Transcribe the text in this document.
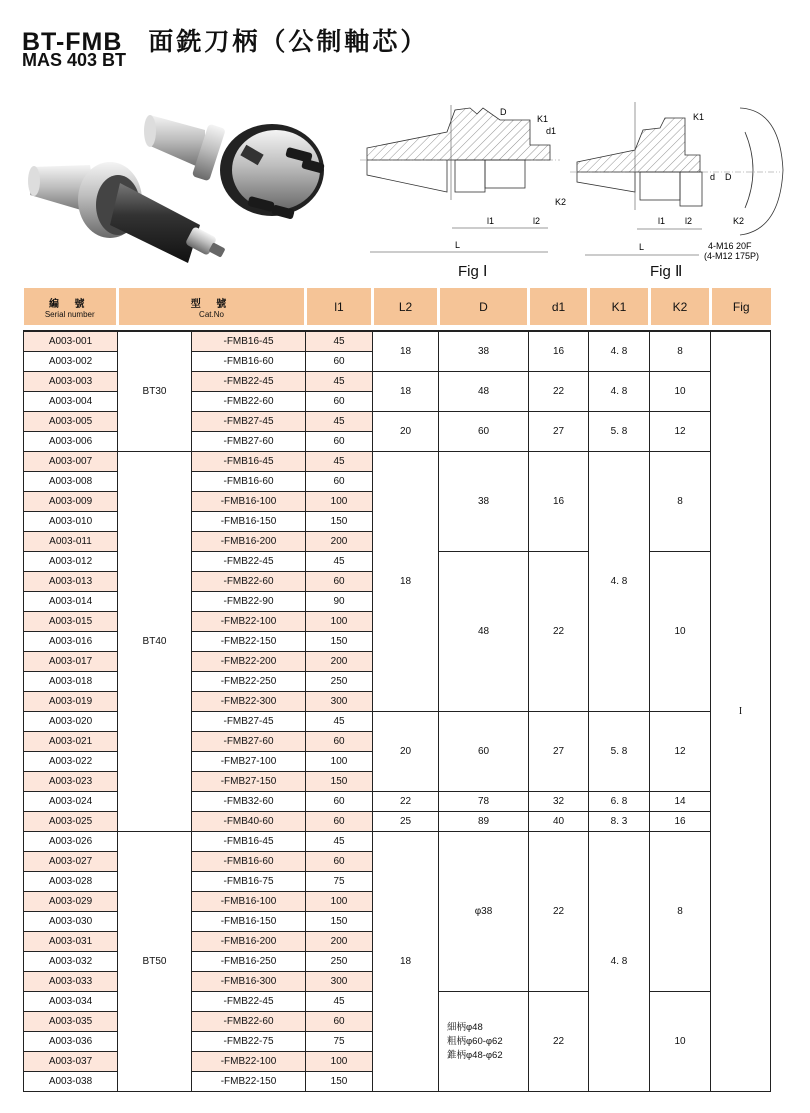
BT-FMB 面銑刀柄（公制軸芯）
MAS 403 BT
D
K1
d1
K2
l1	l2
L
Fig Ⅰ
K1
d D
l1 l2	K2
L	4-M16 20F
(4-M12 175P)
Fig Ⅱ
編 號
Serial number	型 號
Cat.No		l1	L2	D	d1	K1	K2	Fig

A003-001	BT30	-FMB16-45	45	18	38	16	4. 8	8	I
A003-002		-FMB16-60	60						
A003-003		-FMB22-45	45	18	48	22	4. 8	10	
A003-004		-FMB22-60	60						
A003-005		-FMB27-45	45	20	60	27	5. 8	12	
A003-006		-FMB27-60	60						
A003-007	BT40	-FMB16-45	45	18	38	16	4. 8	8	
A003-008		-FMB16-60	60						
A003-009		-FMB16-100	100						
A003-010		-FMB16-150	150						
A003-011		-FMB16-200	200						
A003-012		-FMB22-45	45		48	22		10	
A003-013		-FMB22-60	60						
A003-014		-FMB22-90	90						
A003-015		-FMB22-100	100						
A003-016		-FMB22-150	150						
A003-017		-FMB22-200	200						
A003-018		-FMB22-250	250						
A003-019		-FMB22-300	300						
A003-020		-FMB27-45	45	20	60	27	5. 8	12	
A003-021		-FMB27-60	60						
A003-022		-FMB27-100	100						
A003-023		-FMB27-150	150						
A003-024		-FMB32-60	60	22	78	32	6. 8	14	
A003-025		-FMB40-60	60	25	89	40	8. 3	16	
A003-026	BT50	-FMB16-45	45	18	φ38	22	4. 8	8	
A003-027		-FMB16-60	60						
A003-028		-FMB16-75	75						
A003-029		-FMB16-100	100						
A003-030		-FMB16-150	150						
A003-031		-FMB16-200	200						
A003-032		-FMB16-250	250						
A003-033		-FMB16-300	300						
A003-034		-FMB22-45	45		細柄φ48
粗柄φ60-φ62
錐柄φ48-φ62	22		10	
A003-035		-FMB22-60	60						
A003-036		-FMB22-75	75						
A003-037		-FMB22-100	100						
A003-038		-FMB22-150	150						
